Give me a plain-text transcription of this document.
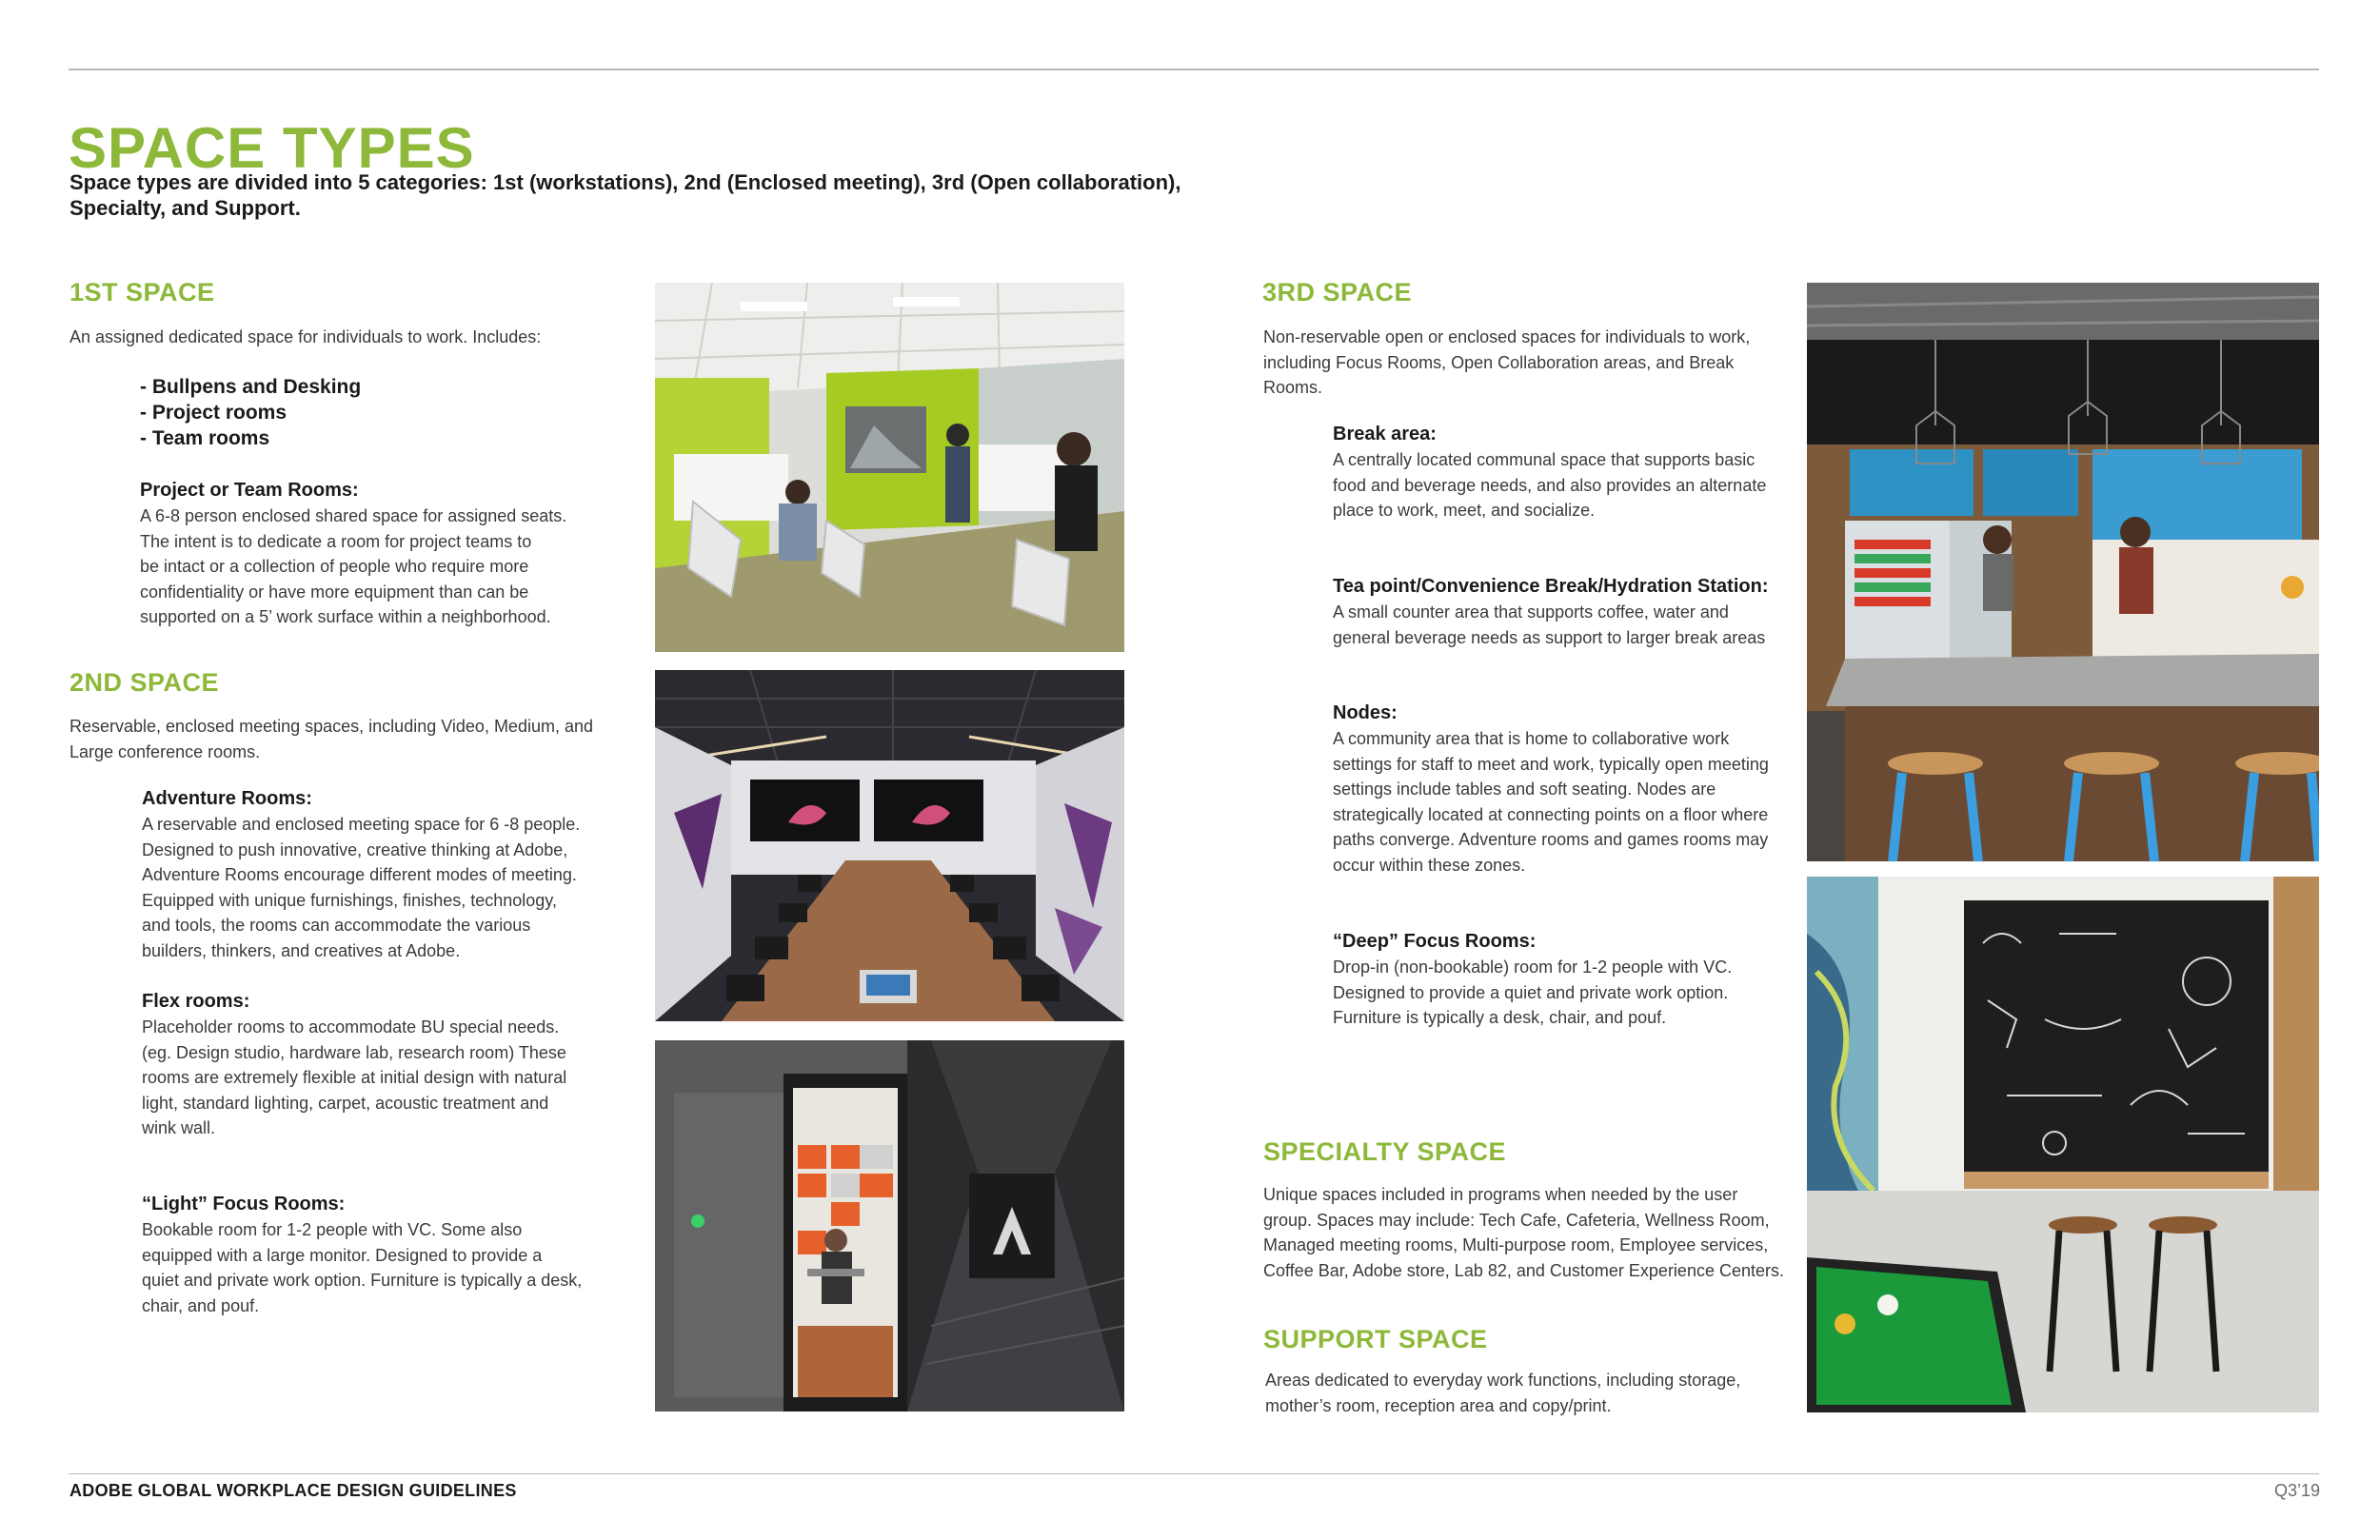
SPACE TYPES
Space types are divided into 5 categories: 1st (workstations), 2nd (Enclosed meeting), 3rd (Open collaboration), Specialty, and Support.
1ST SPACE
An assigned dedicated space for individuals to work. Includes:
- Bullpens and Desking
- Project rooms
- Team rooms
Project or Team Rooms:
A 6-8 person enclosed shared space for assigned seats.
The intent is to dedicate a room for project teams to
be intact or a collection of people who require more
confidentiality or have more equipment than can be
supported on a 5’ work surface within a neighborhood.
2ND SPACE
Reservable, enclosed meeting spaces, including Video, Medium, and
Large conference rooms.
Adventure Rooms:
A reservable and enclosed meeting space for 6 -8 people.
Designed to push innovative, creative thinking at Adobe,
Adventure Rooms encourage different modes of meeting.
Equipped with unique furnishings, finishes, technology,
and tools, the rooms can accommodate the various
builders, thinkers, and creatives at Adobe.
Flex rooms:
Placeholder rooms to accommodate BU special needs.
(eg. Design studio, hardware lab, research room) These
rooms are extremely flexible at initial design with natural
light, standard lighting, carpet, acoustic treatment and
wink wall.
“Light” Focus Rooms:
Bookable room for 1-2 people with VC. Some also
equipped with a large monitor. Designed to provide a
quiet and private work option. Furniture is typically a desk,
chair, and pouf.
3RD SPACE
Non-reservable open or enclosed spaces for individuals to work,
including Focus Rooms, Open Collaboration areas, and Break
Rooms.
Break area:
A centrally located communal space that supports basic
food and beverage needs, and also provides an alternate
place to work, meet, and socialize.
Tea point/Convenience Break/Hydration Station:
A small counter area that supports coffee, water and
general beverage needs as support to larger break areas
Nodes:
A community area that is home to collaborative work
settings for staff to meet and work, typically open meeting
settings include tables and soft seating. Nodes are
strategically located at connecting points on a floor where
paths converge. Adventure rooms and games rooms may
occur within these zones.
“Deep” Focus Rooms:
Drop-in (non-bookable) room for 1-2 people with VC.
Designed to provide a quiet and private work option.
Furniture is typically a desk, chair, and pouf.
SPECIALTY SPACE
Unique spaces included in programs when needed by the user
group. Spaces may include: Tech Cafe, Cafeteria, Wellness Room,
Managed meeting rooms, Multi-purpose room, Employee services,
Coffee Bar, Adobe store, Lab 82, and Customer Experience Centers.
SUPPORT SPACE
Areas dedicated to everyday work functions, including storage,
mother’s room, reception area and copy/print.
ADOBE GLOBAL WORKPLACE DESIGN GUIDELINES	Q3’19
